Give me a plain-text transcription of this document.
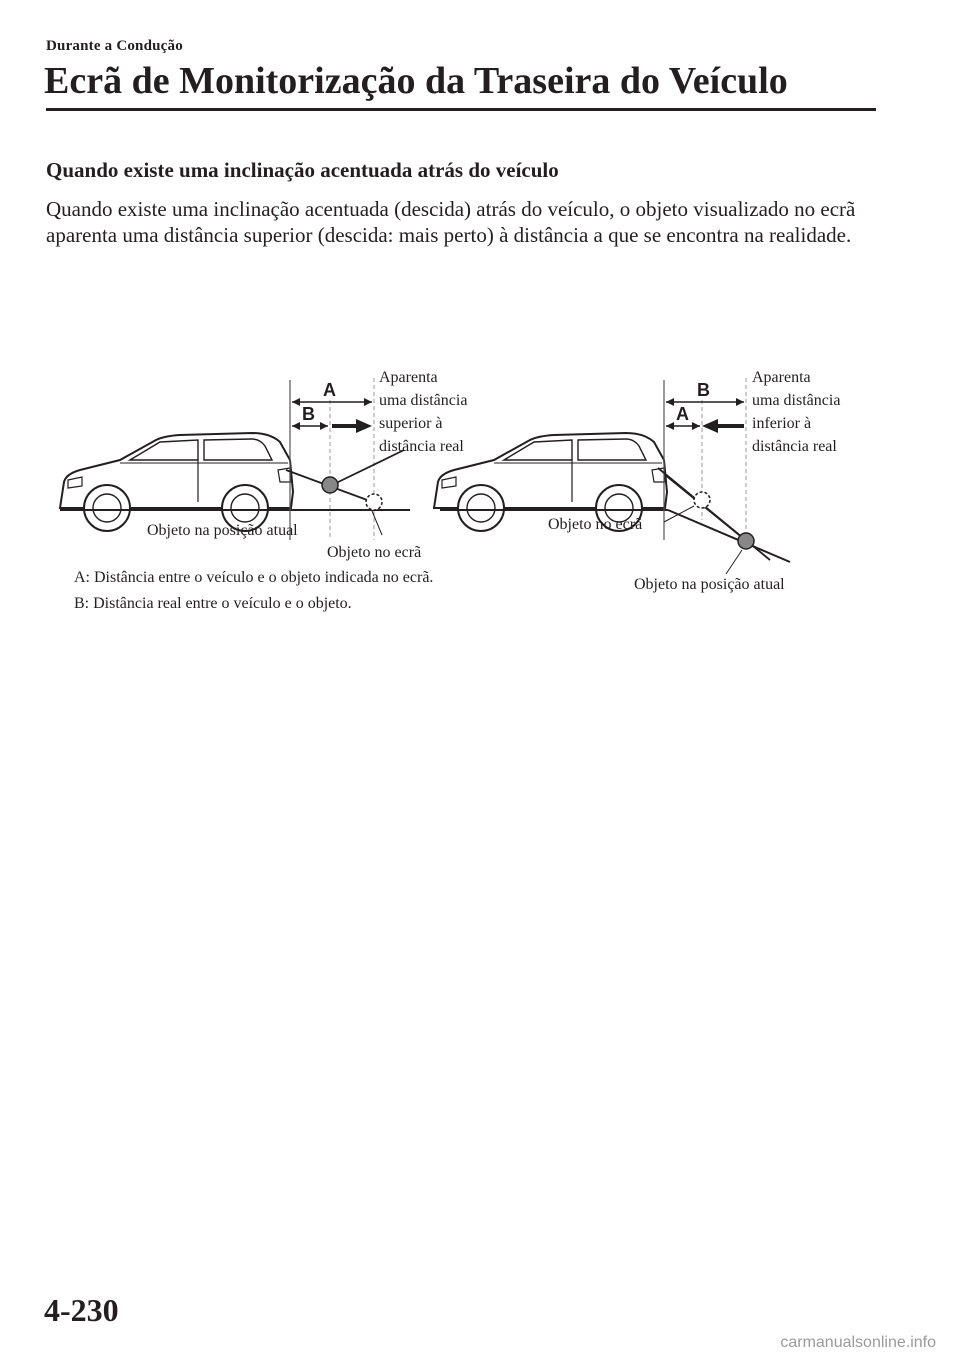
Durante a Condução
Ecrã de Monitorização da Traseira do Veículo
Quando existe uma inclinação acentuada atrás do veículo

Quando existe uma inclinação acentuada (descida) atrás do veículo, o objeto visualizado no ecrã aparenta uma distância superior (descida: mais perto) à distância a que se encontra na realidade.

A
B
Aparenta uma distância superior à distância real
Objeto na posição atual
Objeto no ecrã
B
A
Aparenta uma distância inferior à distância real
Objeto no ecrã
Objeto na posição atual
A: Distância entre o veículo e o objeto indicada no ecrã.
B: Distância real entre o veículo e o objeto.
4-230
carmanualsonline.info
